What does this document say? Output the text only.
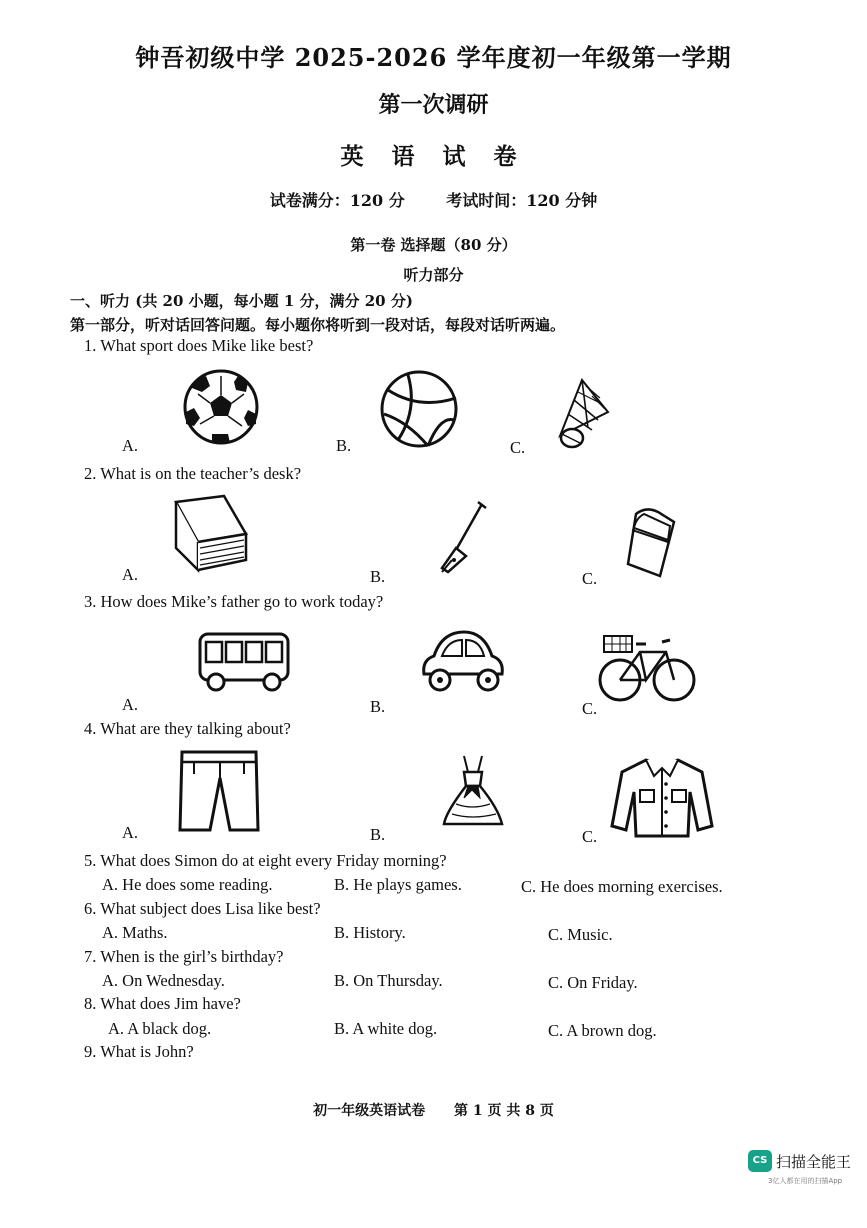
钟吾初级中学 2025-2026 学年度初一年级第一学期
第一次调研
英 语 试 卷
试卷满分：120 分	考试时间：120 分钟
第一卷 选择题（80 分）
听力部分
一、听力 (共 20 小题，每小题 1 分，满分 20 分)
第一部分，听对话回答问题。每小题你将听到一段对话，每段对话听两遍。
1. What sport does Mike like best?
A.	B.	C.
2. What is on the teacher’s desk?
A.	B.	C.
3. How does Mike’s father go to work today?
A.	B.	C.
4. What are they talking about?
A.	B.	C.
5. What does Simon do at eight every Friday morning?
A. He does some reading.	B. He plays games.	C. He does morning exercises.
6. What subject does Lisa like best?
A. Maths.	B. History.	C. Music.
7. When is the girl’s birthday?
A. On Wednesday.	B. On Thursday.	C. On Friday.
8. What does Jim have?
A. A black dog.	B. A white dog.	C. A brown dog.
9. What is John?
初一年级英语试卷 第 1 页 共 8 页
CS 扫描全能王
3亿人都在用的扫描App
